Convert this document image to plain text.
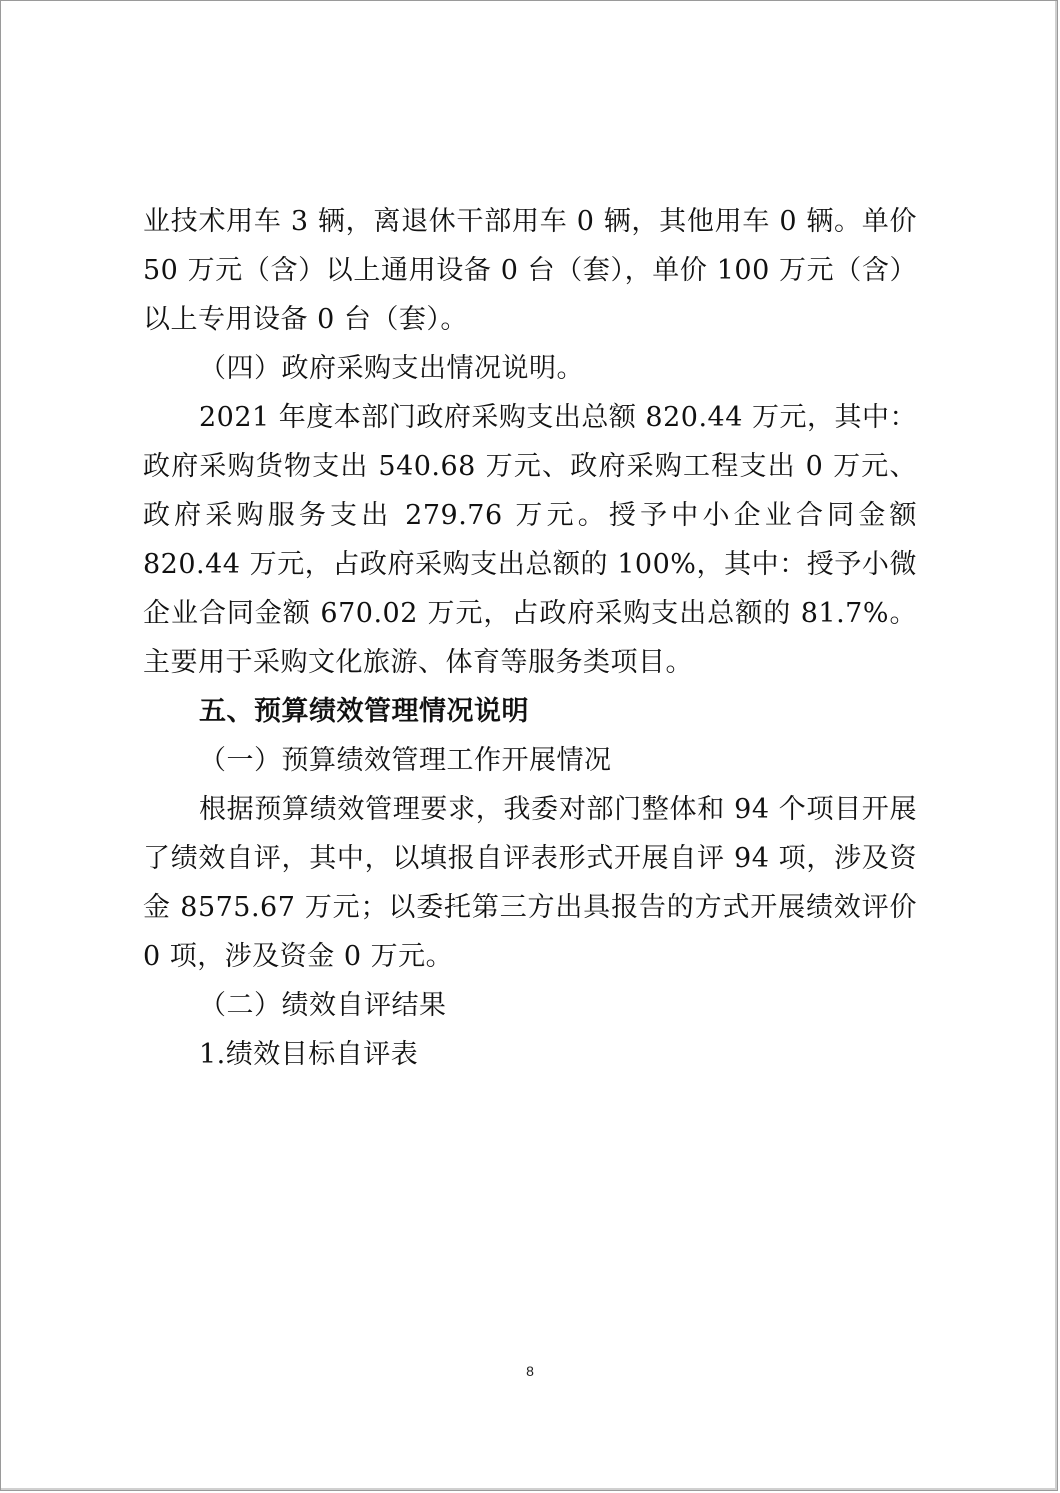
业技术用车 3 辆，离退休干部用车 0 辆，其他用车 0 辆。单价 50 万元（含）以上通用设备 0 台（套），单价 100 万元（含）以上专用设备 0 台（套）。

（四）政府采购支出情况说明。

2021 年度本部门政府采购支出总额 820.44 万元，其中：政府采购货物支出 540.68 万元、政府采购工程支出 0 万元、政府采购服务支出 279.76 万元。授予中小企业合同金额 820.44 万元，占政府采购支出总额的 100%，其中：授予小微企业合同金额 670.02 万元，占政府采购支出总额的 81.7%。主要用于采购文化旅游、体育等服务类项目。

五、预算绩效管理情况说明

（一）预算绩效管理工作开展情况

根据预算绩效管理要求，我委对部门整体和 94 个项目开展了绩效自评，其中，以填报自评表形式开展自评 94 项，涉及资金 8575.67 万元；以委托第三方出具报告的方式开展绩效评价 0 项，涉及资金 0 万元。

（二）绩效自评结果

1.绩效目标自评表

8
